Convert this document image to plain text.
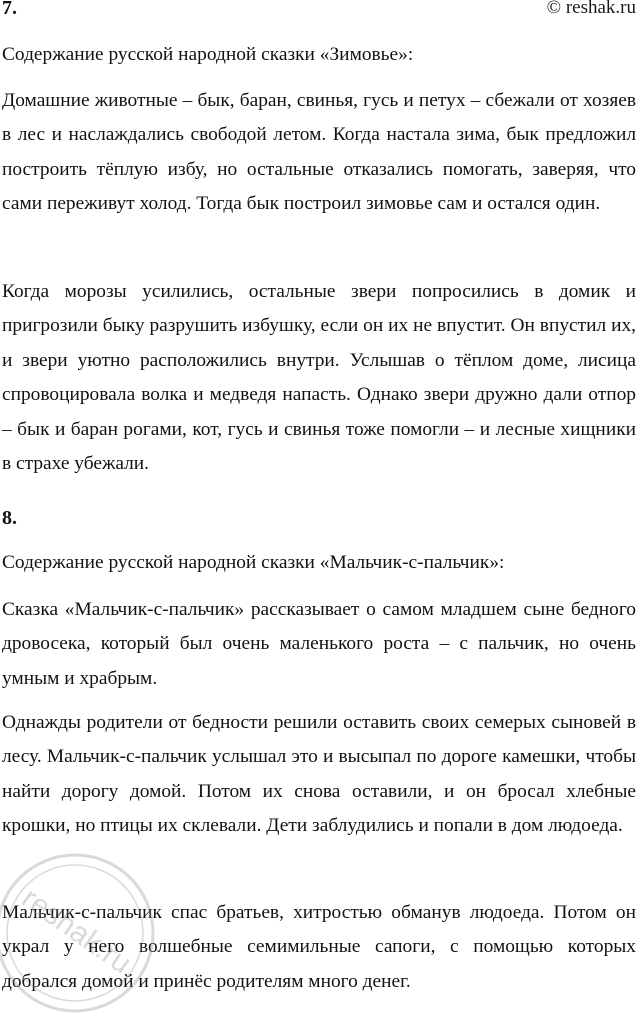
7.	© reshak.ru

Содержание русской народной сказки «Зимовье»:

Домашние животные – бык, баран, свинья, гусь и петух – сбежали от хозяев в лес и наслаждались свободой летом. Когда настала зима, бык предложил построить тёплую избу, но остальные отказались помогать, заверяя, что сами переживут холод. Тогда бык построил зимовье сам и остался один.

Когда морозы усилились, остальные звери попросились в домик и пригрозили быку разрушить избушку, если он их не впустит. Он впустил их, и звери уютно расположились внутри. Услышав о тёплом доме, лисица спровоцировала волка и медведя напасть. Однако звери дружно дали отпор – бык и баран рогами, кот, гусь и свинья тоже помогли – и лесные хищники в страхе убежали.

8.

Содержание русской народной сказки «Мальчик-с-пальчик»:

Сказка «Мальчик-с-пальчик» рассказывает о самом младшем сыне бедного дровосека, который был очень маленького роста – с пальчик, но очень умным и храбрым.

Однажды родители от бедности решили оставить своих семерых сыновей в лесу. Мальчик-с-пальчик услышал это и высыпал по дороге камешки, чтобы найти дорогу домой. Потом их снова оставили, и он бросал хлебные крошки, но птицы их склевали. Дети заблудились и попали в дом людоеда.

Мальчик-с-пальчик спас братьев, хитростью обманув людоеда. Потом он украл у него волшебные семимильные сапоги, с помощью которых добрался домой и принёс родителям много денег.

reshak.ru
